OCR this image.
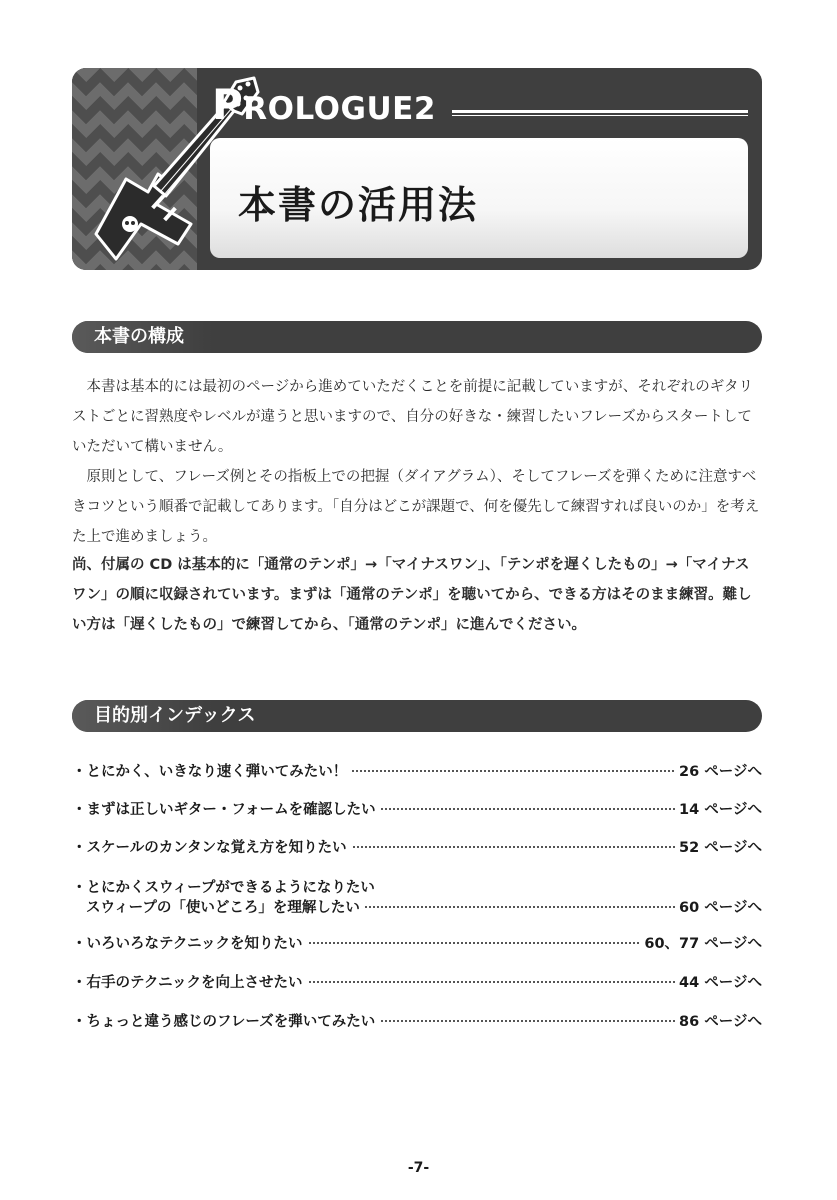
PROLOGUE2
本書の活用法
本書の構成
本書は基本的には最初のページから進めていただくことを前提に記載していますが、それぞれのギタリストごとに習熟度やレベルが違うと思いますので、自分の好きな・練習したいフレーズからスタートしていただいて構いません。
原則として、フレーズ例とその指板上での把握（ダイアグラム）、そしてフレーズを弾くために注意すべきコツという順番で記載してあります。「自分はどこが課題で、何を優先して練習すれば良いのか」を考えた上で進めましょう。
尚、付属の CD は基本的に「通常のテンポ」→「マイナスワン」、「テンポを遅くしたもの」→「マイナスワン」の順に収録されています。まずは「通常のテンポ」を聴いてから、できる方はそのまま練習。難しい方は「遅くしたもの」で練習してから、「通常のテンポ」に進んでください。
目的別インデックス
・とにかく、いきなり速く弾いてみたい！	26 ページへ
・まずは正しいギター・フォームを確認したい	14 ページへ
・スケールのカンタンな覚え方を知りたい	52 ページへ
・とにかくスウィープができるようになりたい
スウィープの「使いどころ」を理解したい	60 ページへ
・いろいろなテクニックを知りたい	60、77 ページへ
・右手のテクニックを向上させたい	44 ページへ
・ちょっと違う感じのフレーズを弾いてみたい	86 ページへ
-7-
